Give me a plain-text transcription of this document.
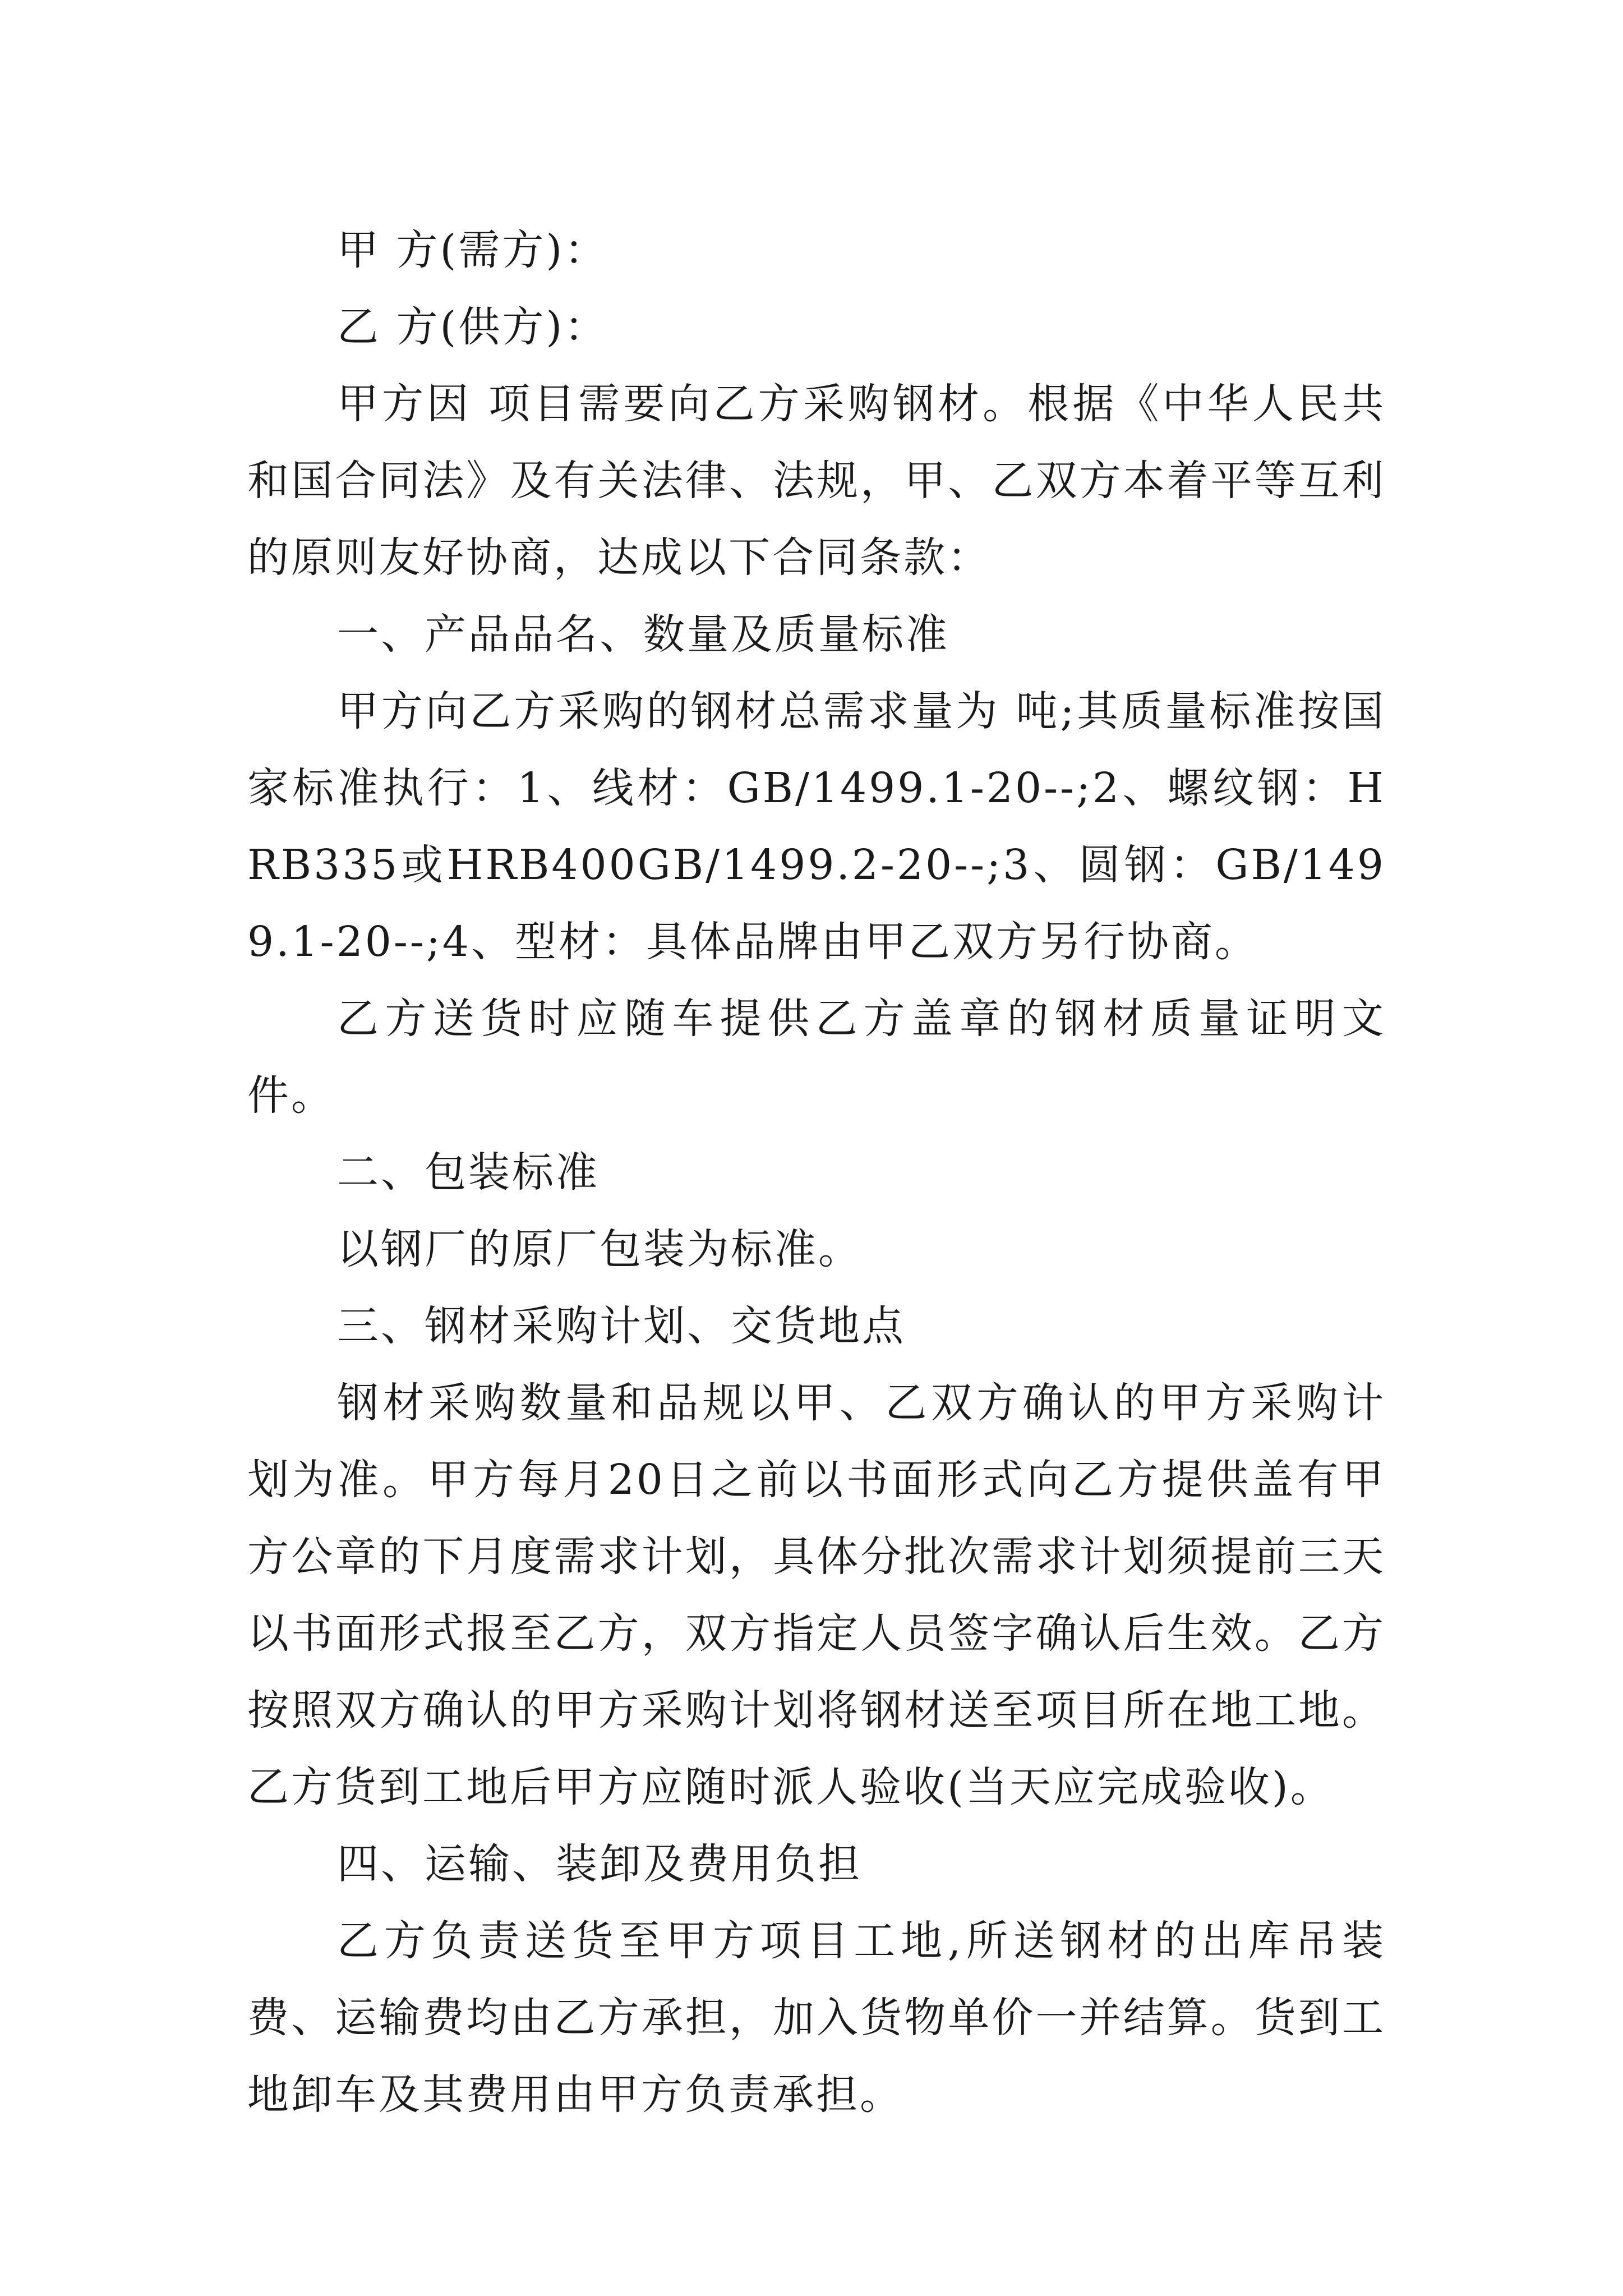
甲 方(需方)：

乙 方(供方)：

甲方因 项目需要向乙方采购钢材。根据《中华人民共和国合同法》及有关法律、法规，甲、乙双方本着平等互利的原则友好协商，达成以下合同条款：

一、产品品名、数量及质量标准

甲方向乙方采购的钢材总需求量为 吨;其质量标准按国家标准执行：1、线材：GB/1499.1-20--;2、螺纹钢：HRB335或HRB400GB/1499.2-20--;3、圆钢：GB/1499.1-20--;4、型材：具体品牌由甲乙双方另行协商。

乙方送货时应随车提供乙方盖章的钢材质量证明文件。

二、包装标准

以钢厂的原厂包装为标准。

三、钢材采购计划、交货地点

钢材采购数量和品规以甲、乙双方确认的甲方采购计划为准。甲方每月20日之前以书面形式向乙方提供盖有甲方公章的下月度需求计划，具体分批次需求计划须提前三天以书面形式报至乙方，双方指定人员签字确认后生效。乙方按照双方确认的甲方采购计划将钢材送至项目所在地工地。乙方货到工地后甲方应随时派人验收(当天应完成验收)。

四、运输、装卸及费用负担

乙方负责送货至甲方项目工地,所送钢材的出库吊装费、运输费均由乙方承担，加入货物单价一并结算。货到工地卸车及其费用由甲方负责承担。
